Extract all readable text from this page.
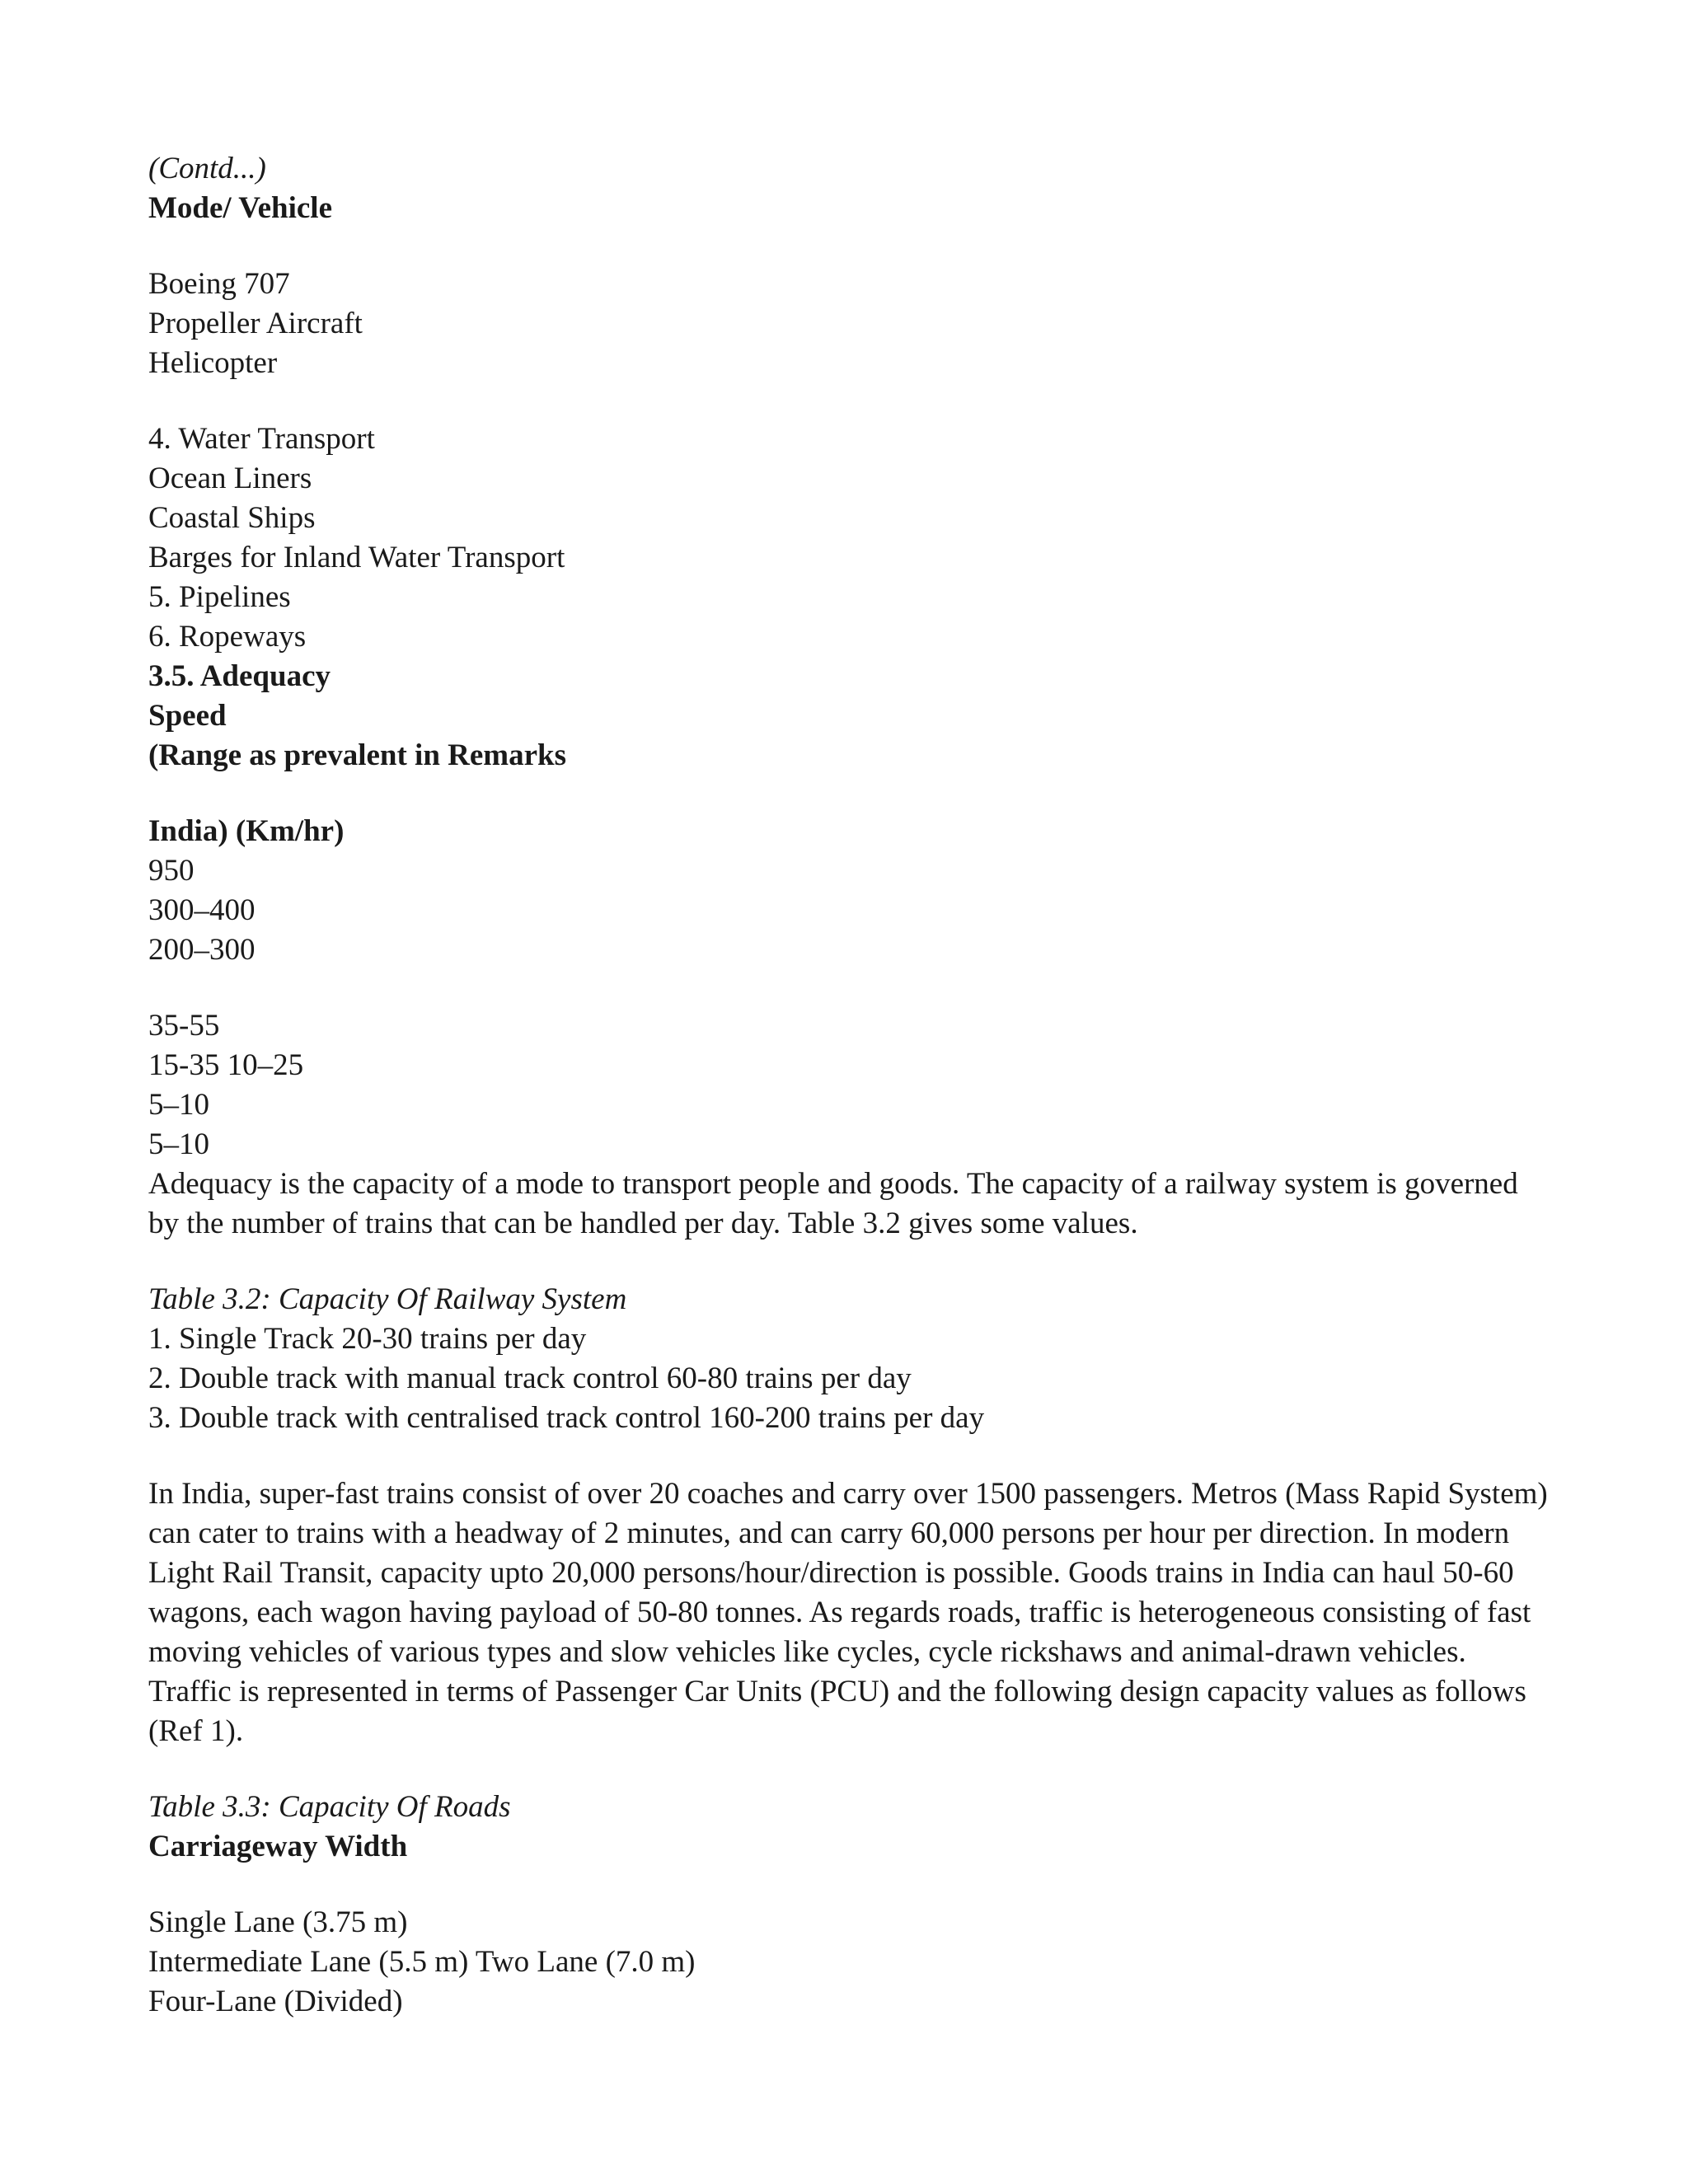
(Contd...)
Mode/ Vehicle
Boeing 707
Propeller Aircraft
Helicopter
4. Water Transport
Ocean Liners
Coastal Ships
Barges for Inland Water Transport
5. Pipelines
6. Ropeways
3.5. Adequacy
Speed
(Range as prevalent in Remarks
India) (Km/hr)
950
300–400
200–300
35-55
15-35 10–25
5–10
5–10
Adequacy is the capacity of a mode to transport people and goods. The capacity of a railway system is governed by the number of trains that can be handled per day. Table 3.2 gives some values.
Table 3.2: Capacity Of Railway System
1. Single Track 20-30 trains per day
2. Double track with manual track control 60-80 trains per day
3. Double track with centralised track control 160-200 trains per day
In India, super-fast trains consist of over 20 coaches and carry over 1500 passengers. Metros (Mass Rapid System) can cater to trains with a headway of 2 minutes, and can carry 60,000 persons per hour per direction. In modern Light Rail Transit, capacity upto 20,000 persons/hour/direction is possible. Goods trains in India can haul 50-60 wagons, each wagon having payload of 50-80 tonnes. As regards roads, traffic is heterogeneous consisting of fast moving vehicles of various types and slow vehicles like cycles, cycle rickshaws and animal-drawn vehicles. Traffic is represented in terms of Passenger Car Units (PCU) and the following design capacity values as follows (Ref 1).
Table 3.3: Capacity Of Roads
Carriageway Width
Single Lane (3.75 m)
Intermediate Lane (5.5 m) Two Lane (7.0 m)
Four-Lane (Divided)
